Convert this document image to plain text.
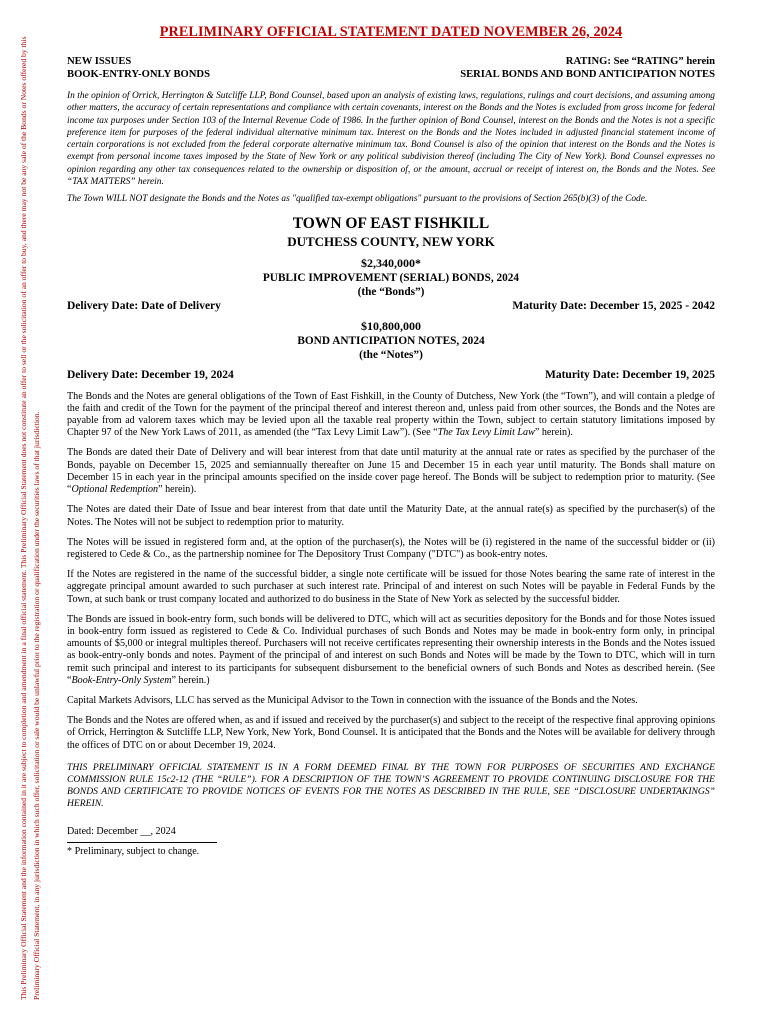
This Preliminary Official Statement and the information contained in it are subject to completion and amendment in a final official statement. This Preliminary Official Statement does not constitute an offer to sell or the solicitation of an offer to buy, and there may not be any sale of the Bonds or Notes offered by this Preliminary Official Statement, in any jurisdiction in which such offer, solicitation or sale would be unlawful prior to the registration or qualification under the securities laws of that jurisdiction.
PRELIMINARY OFFICIAL STATEMENT DATED NOVEMBER 26, 2024
NEW ISSUES	RATING: See “RATING” herein
BOOK-ENTRY-ONLY BONDS	SERIAL BONDS AND BOND ANTICIPATION NOTES

In the opinion of Orrick, Herrington & Sutcliffe LLP, Bond Counsel, based upon an analysis of existing laws, regulations, rulings and court decisions, and assuming among other matters, the accuracy of certain representations and compliance with certain covenants, interest on the Bonds and the Notes is excluded from gross income for federal income tax purposes under Section 103 of the Internal Revenue Code of 1986. In the further opinion of Bond Counsel, interest on the Bonds and the Notes is not a specific preference item for purposes of the federal individual alternative minimum tax. Interest on the Bonds and the Notes included in adjusted financial statement income of certain corporations is not excluded from the federal corporate alternative minimum tax. Bond Counsel is also of the opinion that interest on the Bonds and the Notes is exempt from personal income taxes imposed by the State of New York or any political subdivision thereof (including The City of New York). Bond Counsel expresses no opinion regarding any other tax consequences related to the ownership or disposition of, or the amount, accrual or receipt of interest on, the Bonds and the Notes. See “TAX MATTERS” herein.

The Town WILL NOT designate the Bonds and the Notes as "qualified tax-exempt obligations" pursuant to the provisions of Section 265(b)(3) of the Code.

TOWN OF EAST FISHKILL
DUTCHESS COUNTY, NEW YORK
$2,340,000*
PUBLIC IMPROVEMENT (SERIAL) BONDS, 2024
(the “Bonds”)
Delivery Date: Date of Delivery	Maturity Date: December 15, 2025 - 2042
$10,800,000
BOND ANTICIPATION NOTES, 2024
(the “Notes”)
Delivery Date: December 19, 2024	Maturity Date: December 19, 2025

The Bonds and the Notes are general obligations of the Town of East Fishkill, in the County of Dutchess, New York (the “Town”), and will contain a pledge of the faith and credit of the Town for the payment of the principal thereof and interest thereon and, unless paid from other sources, the Bonds and the Notes are payable from ad valorem taxes which may be levied upon all the taxable real property within the Town, subject to certain statutory limitations imposed by Chapter 97 of the New York Laws of 2011, as amended (the “Tax Levy Limit Law”). (See “The Tax Levy Limit Law” herein).

The Bonds are dated their Date of Delivery and will bear interest from that date until maturity at the annual rate or rates as specified by the purchaser of the Bonds, payable on December 15, 2025 and semiannually thereafter on June 15 and December 15 in each year until maturity. The Bonds shall mature on December 15 in each year in the principal amounts specified on the inside cover page hereof. The Bonds will be subject to redemption prior to maturity. (See “Optional Redemption” herein).

The Notes are dated their Date of Issue and bear interest from that date until the Maturity Date, at the annual rate(s) as specified by the purchaser(s) of the Notes. The Notes will not be subject to redemption prior to maturity.

The Notes will be issued in registered form and, at the option of the purchaser(s), the Notes will be (i) registered in the name of the successful bidder or (ii) registered to Cede & Co., as the partnership nominee for The Depository Trust Company ("DTC") as book-entry notes.

If the Notes are registered in the name of the successful bidder, a single note certificate will be issued for those Notes bearing the same rate of interest in the aggregate principal amount awarded to such purchaser at such interest rate. Principal of and interest on such Notes will be payable in Federal Funds by the Town, at such bank or trust company located and authorized to do business in the State of New York as selected by the successful bidder.

The Bonds are issued in book-entry form, such bonds will be delivered to DTC, which will act as securities depository for the Bonds and for those Notes issued in book-entry form issued as registered to Cede & Co. Individual purchases of such Bonds and Notes may be made in book-entry form only, in principal amounts of $5,000 or integral multiples thereof. Purchasers will not receive certificates representing their ownership interests in the Bonds and the Notes issued as book-entry-only bonds and notes. Payment of the principal of and interest on such Bonds and Notes will be made by the Town to DTC, which will in turn remit such principal and interest to its participants for subsequent disbursement to the beneficial owners of such Bonds and Notes as described herein. (See “Book-Entry-Only System” herein.)

Capital Markets Advisors, LLC has served as the Municipal Advisor to the Town in connection with the issuance of the Bonds and the Notes.

The Bonds and the Notes are offered when, as and if issued and received by the purchaser(s) and subject to the receipt of the respective final approving opinions of Orrick, Herrington & Sutcliffe LLP, New York, New York, Bond Counsel. It is anticipated that the Bonds and the Notes will be available for delivery through the offices of DTC on or about December 19, 2024.

THIS PRELIMINARY OFFICIAL STATEMENT IS IN A FORM DEEMED FINAL BY THE TOWN FOR PURPOSES OF SECURITIES AND EXCHANGE COMMISSION RULE 15c2-12 (THE “RULE”). FOR A DESCRIPTION OF THE TOWN’S AGREEMENT TO PROVIDE CONTINUING DISCLOSURE FOR THE BONDS AND CERTIFICATE TO PROVIDE NOTICES OF EVENTS FOR THE NOTES AS DESCRIBED IN THE RULE, SEE “DISCLOSURE UNDERTAKINGS” HEREIN.

Dated: December __, 2024
* Preliminary, subject to change.
